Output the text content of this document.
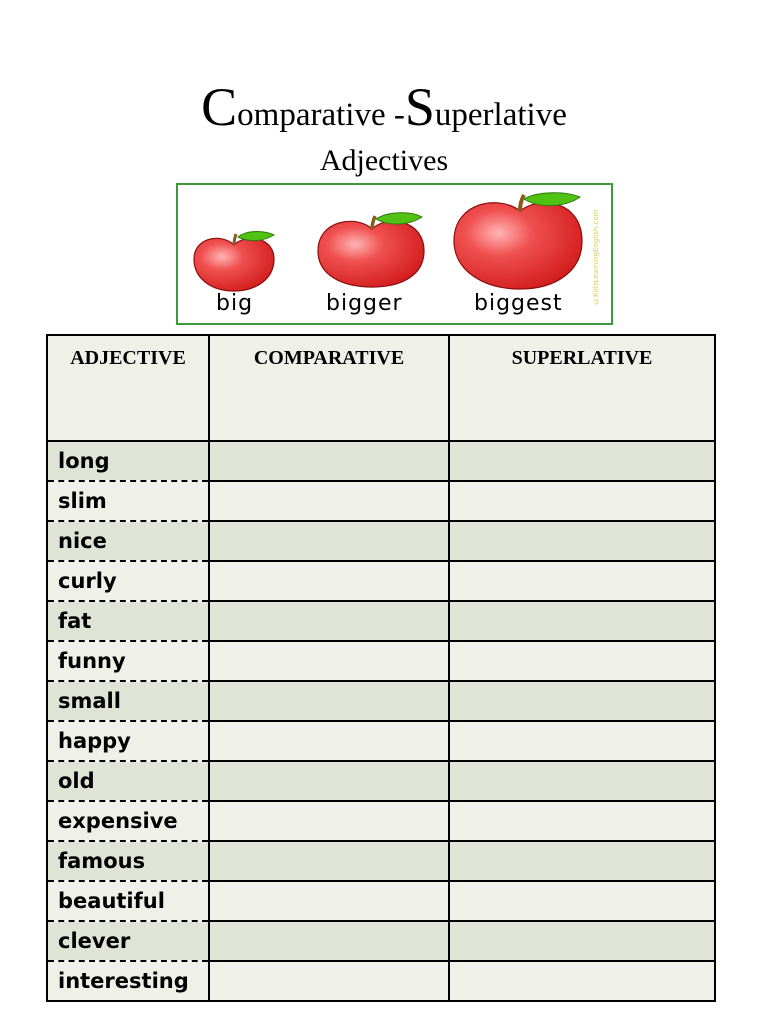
Comparative -Superlative
Adjectives
big	bigger	biggest	©KidsLearningEnglish.com
ADJECTIVE	COMPARATIVE	SUPERLATIVE
long		
slim		
nice		
curly		
fat		
funny		
small		
happy		
old		
expensive		
famous		
beautiful		
clever		
interesting		
